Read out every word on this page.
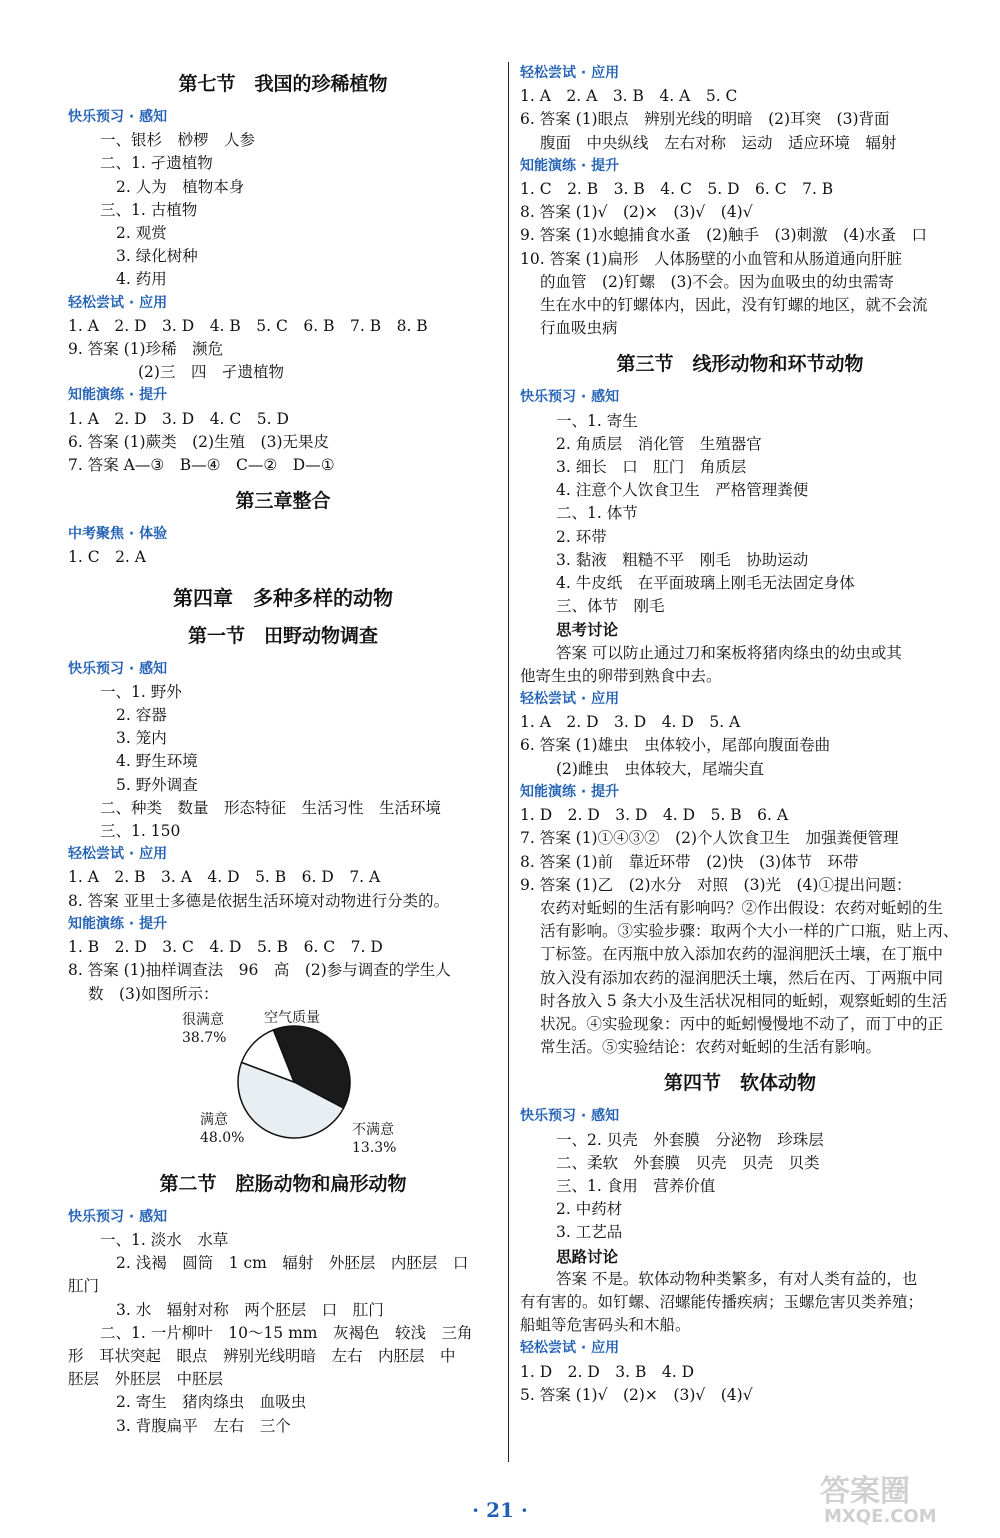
第七节　我国的珍稀植物
快乐预习 · 感知
一、银杉　桫椤　人参
二、1. 孑遗植物
2. 人为　植物本身
三、1. 古植物
2. 观赏
3. 绿化树种
4. 药用
轻松尝试 · 应用
1. A　2. D　3. D　4. B　5. C　6. B　7. B　8. B
9. 答案 (1)珍稀　濒危
(2)三　四　孑遗植物
知能演练 · 提升
1. A　2. D　3. D　4. C　5. D
6. 答案 (1)蕨类　(2)生殖　(3)无果皮
7. 答案 A—③　B—④　C—②　D—①
第三章整合
中考聚焦 · 体验
1. C　2. A
第四章　多种多样的动物
第一节　田野动物调查
快乐预习 · 感知
一、1. 野外
2. 容器
3. 笼内
4. 野生环境
5. 野外调查
二、种类　数量　形态特征　生活习性　生活环境
三、1. 150
轻松尝试 · 应用
1. A　2. B　3. A　4. D　5. B　6. D　7. A
8. 答案 亚里士多德是依据生活环境对动物进行分类的。
知能演练 · 提升
1. B　2. D　3. C　4. D　5. B　6. C　7. D
8. 答案 (1)抽样调查法　96　高　(2)参与调查的学生人
数　(3)如图所示：
很满意
38.7%
空气质量
满意
48.0%	不满意
13.3%
第二节　腔肠动物和扁形动物
快乐预习 · 感知
一、1. 淡水　水草
2. 浅褐　圆筒　1 cm　辐射　外胚层　内胚层　口
肛门
3. 水　辐射对称　两个胚层　口　肛门
二、1. 一片柳叶　10～15 mm　灰褐色　较浅　三角
形　耳状突起　眼点　辨别光线明暗　左右　内胚层　中
胚层　外胚层　中胚层
2. 寄生　猪肉绦虫　血吸虫
3. 背腹扁平　左右　三个
轻松尝试 · 应用
1. A　2. A　3. B　4. A　5. C
6. 答案 (1)眼点　辨别光线的明暗　(2)耳突　(3)背面
腹面　中央纵线　左右对称　运动　适应环境　辐射
知能演练 · 提升
1. C　2. B　3. B　4. C　5. D　6. C　7. B
8. 答案 (1)√　(2)×　(3)√　(4)√
9. 答案 (1)水螅捕食水蚤　(2)触手　(3)刺激　(4)水蚤　口
10. 答案 (1)扁形　人体肠壁的小血管和从肠道通向肝脏
的血管　(2)钉螺　(3)不会。因为血吸虫的幼虫需寄
生在水中的钉螺体内，因此，没有钉螺的地区，就不会流
行血吸虫病
第三节　线形动物和环节动物
快乐预习 · 感知
一、1. 寄生
2. 角质层　消化管　生殖器官
3. 细长　口　肛门　角质层
4. 注意个人饮食卫生　严格管理粪便
二、1. 体节
2. 环带
3. 黏液　粗糙不平　刚毛　协助运动
4. 牛皮纸　在平面玻璃上刚毛无法固定身体
三、体节　刚毛
思考讨论
答案 可以防止通过刀和案板将猪肉绦虫的幼虫或其
他寄生虫的卵带到熟食中去。
轻松尝试 · 应用
1. A　2. D　3. D　4. D　5. A
6. 答案 (1)雄虫　虫体较小，尾部向腹面卷曲
(2)雌虫　虫体较大，尾端尖直
知能演练 · 提升
1. D　2. D　3. D　4. D　5. B　6. A
7. 答案 (1)①④③②　(2)个人饮食卫生　加强粪便管理
8. 答案 (1)前　靠近环带　(2)快　(3)体节　环带
9. 答案 (1)乙　(2)水分　对照　(3)光　(4)①提出问题：
农药对蚯蚓的生活有影响吗？②作出假设：农药对蚯蚓的生
活有影响。③实验步骤：取两个大小一样的广口瓶，贴上丙、
丁标签。在丙瓶中放入添加农药的湿润肥沃土壤，在丁瓶中
放入没有添加农药的湿润肥沃土壤，然后在丙、丁两瓶中同
时各放入 5 条大小及生活状况相同的蚯蚓，观察蚯蚓的生活
状况。④实验现象：丙中的蚯蚓慢慢地不动了，而丁中的正
常生活。⑤实验结论：农药对蚯蚓的生活有影响。
第四节　软体动物
快乐预习 · 感知
一、2. 贝壳　外套膜　分泌物　珍珠层
二、柔软　外套膜　贝壳　贝壳　贝类
三、1. 食用　营养价值
2. 中药材
3. 工艺品
思路讨论
答案 不是。软体动物种类繁多，有对人类有益的，也
有有害的。如钉螺、沼螺能传播疾病；玉螺危害贝类养殖；
船蛆等危害码头和木船。
轻松尝试 · 应用
1. D　2. D　3. B　4. D
5. 答案 (1)√　(2)×　(3)√　(4)√
· 21 ·
答案圈
MXQE.COM
